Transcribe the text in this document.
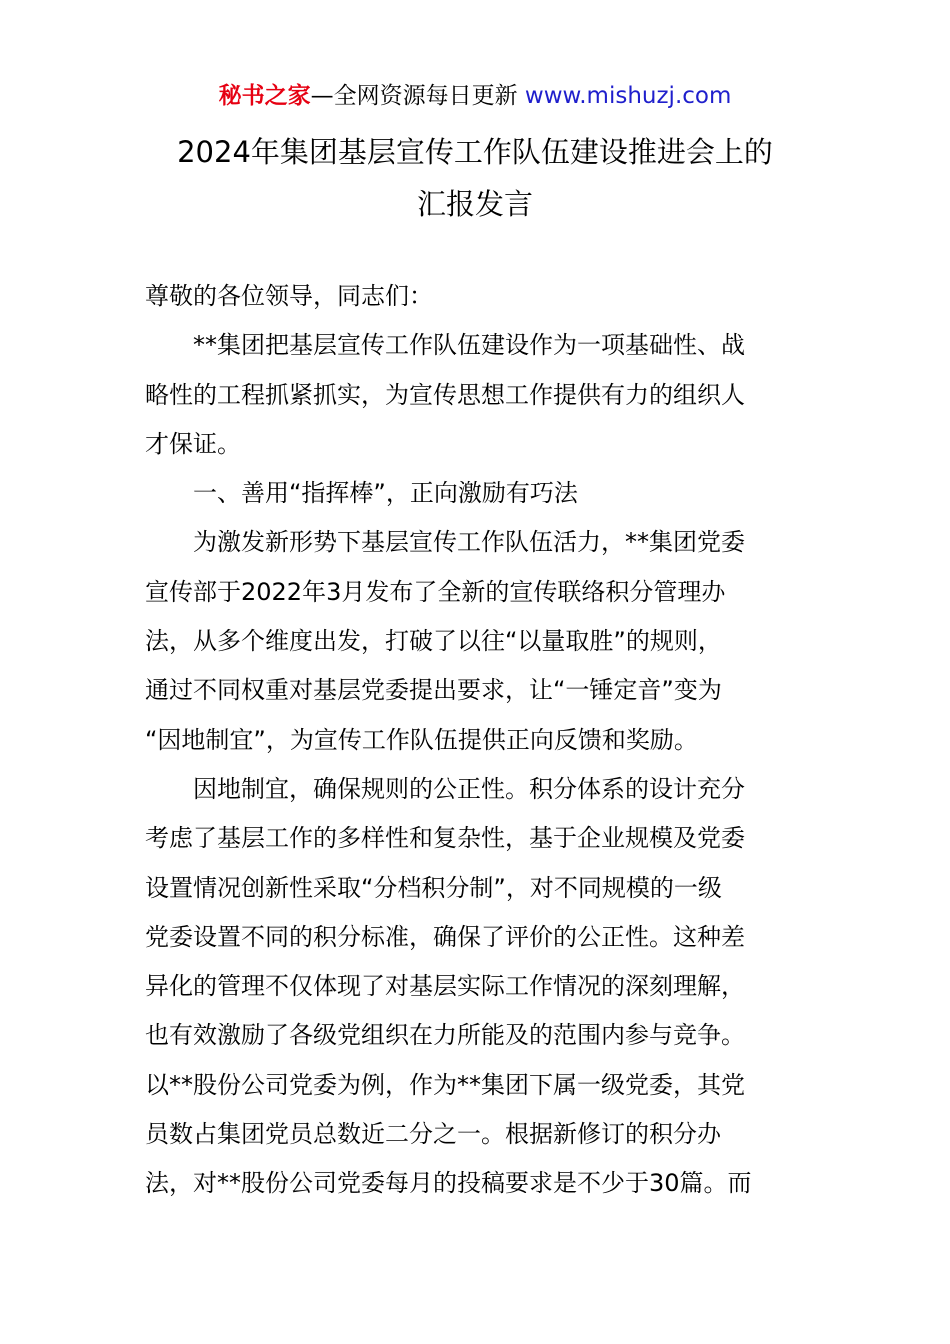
秘书之家—全网资源每日更新 www.mishuzj.com
2024年集团基层宣传工作队伍建设推进会上的
汇报发言

尊敬的各位领导，同志们：

**集团把基层宣传工作队伍建设作为一项基础性、战
略性的工程抓紧抓实，为宣传思想工作提供有力的组织人
才保证。

一、善用“指挥棒”，正向激励有巧法

为激发新形势下基层宣传工作队伍活力，**集团党委
宣传部于2022年3月发布了全新的宣传联络积分管理办
法，从多个维度出发，打破了以往“以量取胜”的规则，
通过不同权重对基层党委提出要求，让“一锤定音”变为
“因地制宜”，为宣传工作队伍提供正向反馈和奖励。

因地制宜，确保规则的公正性。积分体系的设计充分
考虑了基层工作的多样性和复杂性，基于企业规模及党委
设置情况创新性采取“分档积分制”，对不同规模的一级
党委设置不同的积分标准，确保了评价的公正性。这种差
异化的管理不仅体现了对基层实际工作情况的深刻理解，
也有效激励了各级党组织在力所能及的范围内参与竞争。
以**股份公司党委为例，作为**集团下属一级党委，其党
员数占集团党员总数近二分之一。根据新修订的积分办
法，对**股份公司党委每月的投稿要求是不少于30篇。而
